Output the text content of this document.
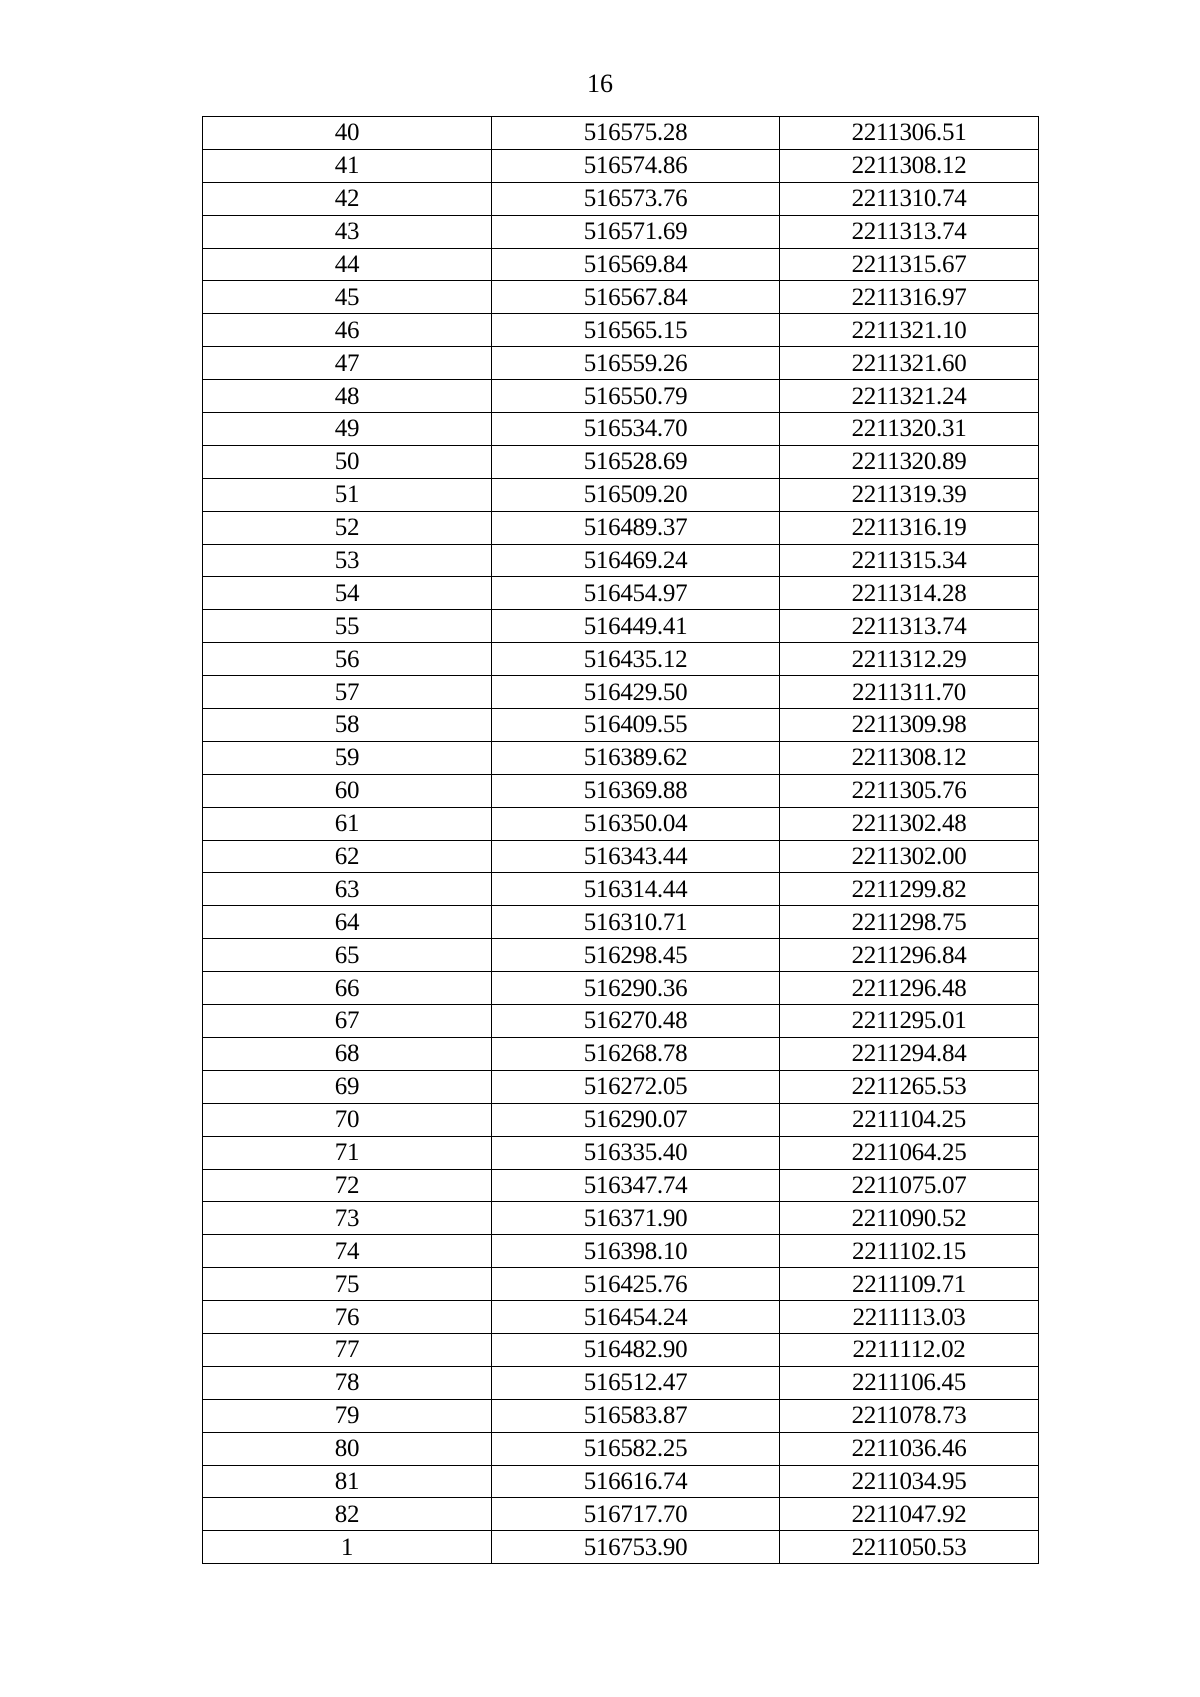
16
40	516575.28	2211306.51
41	516574.86	2211308.12
42	516573.76	2211310.74
43	516571.69	2211313.74
44	516569.84	2211315.67
45	516567.84	2211316.97
46	516565.15	2211321.10
47	516559.26	2211321.60
48	516550.79	2211321.24
49	516534.70	2211320.31
50	516528.69	2211320.89
51	516509.20	2211319.39
52	516489.37	2211316.19
53	516469.24	2211315.34
54	516454.97	2211314.28
55	516449.41	2211313.74
56	516435.12	2211312.29
57	516429.50	2211311.70
58	516409.55	2211309.98
59	516389.62	2211308.12
60	516369.88	2211305.76
61	516350.04	2211302.48
62	516343.44	2211302.00
63	516314.44	2211299.82
64	516310.71	2211298.75
65	516298.45	2211296.84
66	516290.36	2211296.48
67	516270.48	2211295.01
68	516268.78	2211294.84
69	516272.05	2211265.53
70	516290.07	2211104.25
71	516335.40	2211064.25
72	516347.74	2211075.07
73	516371.90	2211090.52
74	516398.10	2211102.15
75	516425.76	2211109.71
76	516454.24	2211113.03
77	516482.90	2211112.02
78	516512.47	2211106.45
79	516583.87	2211078.73
80	516582.25	2211036.46
81	516616.74	2211034.95
82	516717.70	2211047.92
1	516753.90	2211050.53
